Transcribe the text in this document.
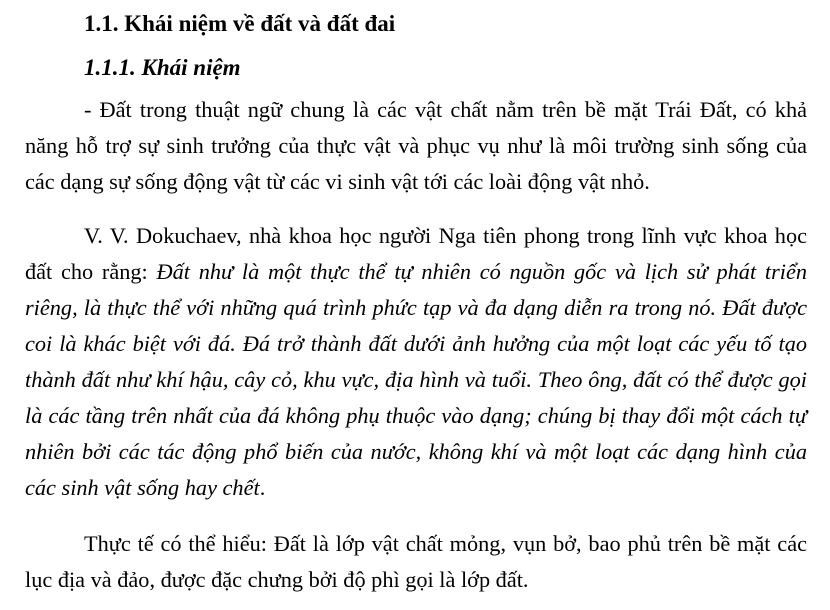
1.1. Khái niệm về đất và đất đai
1.1.1. Khái niệm

- Đất trong thuật ngữ chung là các vật chất nằm trên bề mặt Trái Đất, có khả năng hỗ trợ sự sinh trưởng của thực vật và phục vụ như là môi trường sinh sống của các dạng sự sống động vật từ các vi sinh vật tới các loài động vật nhỏ.

V. V. Dokuchaev, nhà khoa học người Nga tiên phong trong lĩnh vực khoa học đất cho rằng: Đất như là một thực thể tự nhiên có nguồn gốc và lịch sử phát triển riêng, là thực thể với những quá trình phức tạp và đa dạng diễn ra trong nó. Đất được coi là khác biệt với đá. Đá trở thành đất dưới ảnh hưởng của một loạt các yếu tố tạo thành đất như khí hậu, cây cỏ, khu vực, địa hình và tuổi. Theo ông, đất có thể được gọi là các tầng trên nhất của đá không phụ thuộc vào dạng; chúng bị thay đổi một cách tự nhiên bởi các tác động phổ biến của nước, không khí và một loạt các dạng hình của các sinh vật sống hay chết.

Thực tế có thể hiểu: Đất là lớp vật chất mỏng, vụn bở, bao phủ trên bề mặt các lục địa và đảo, được đặc chưng bởi độ phì gọi là lớp đất.
